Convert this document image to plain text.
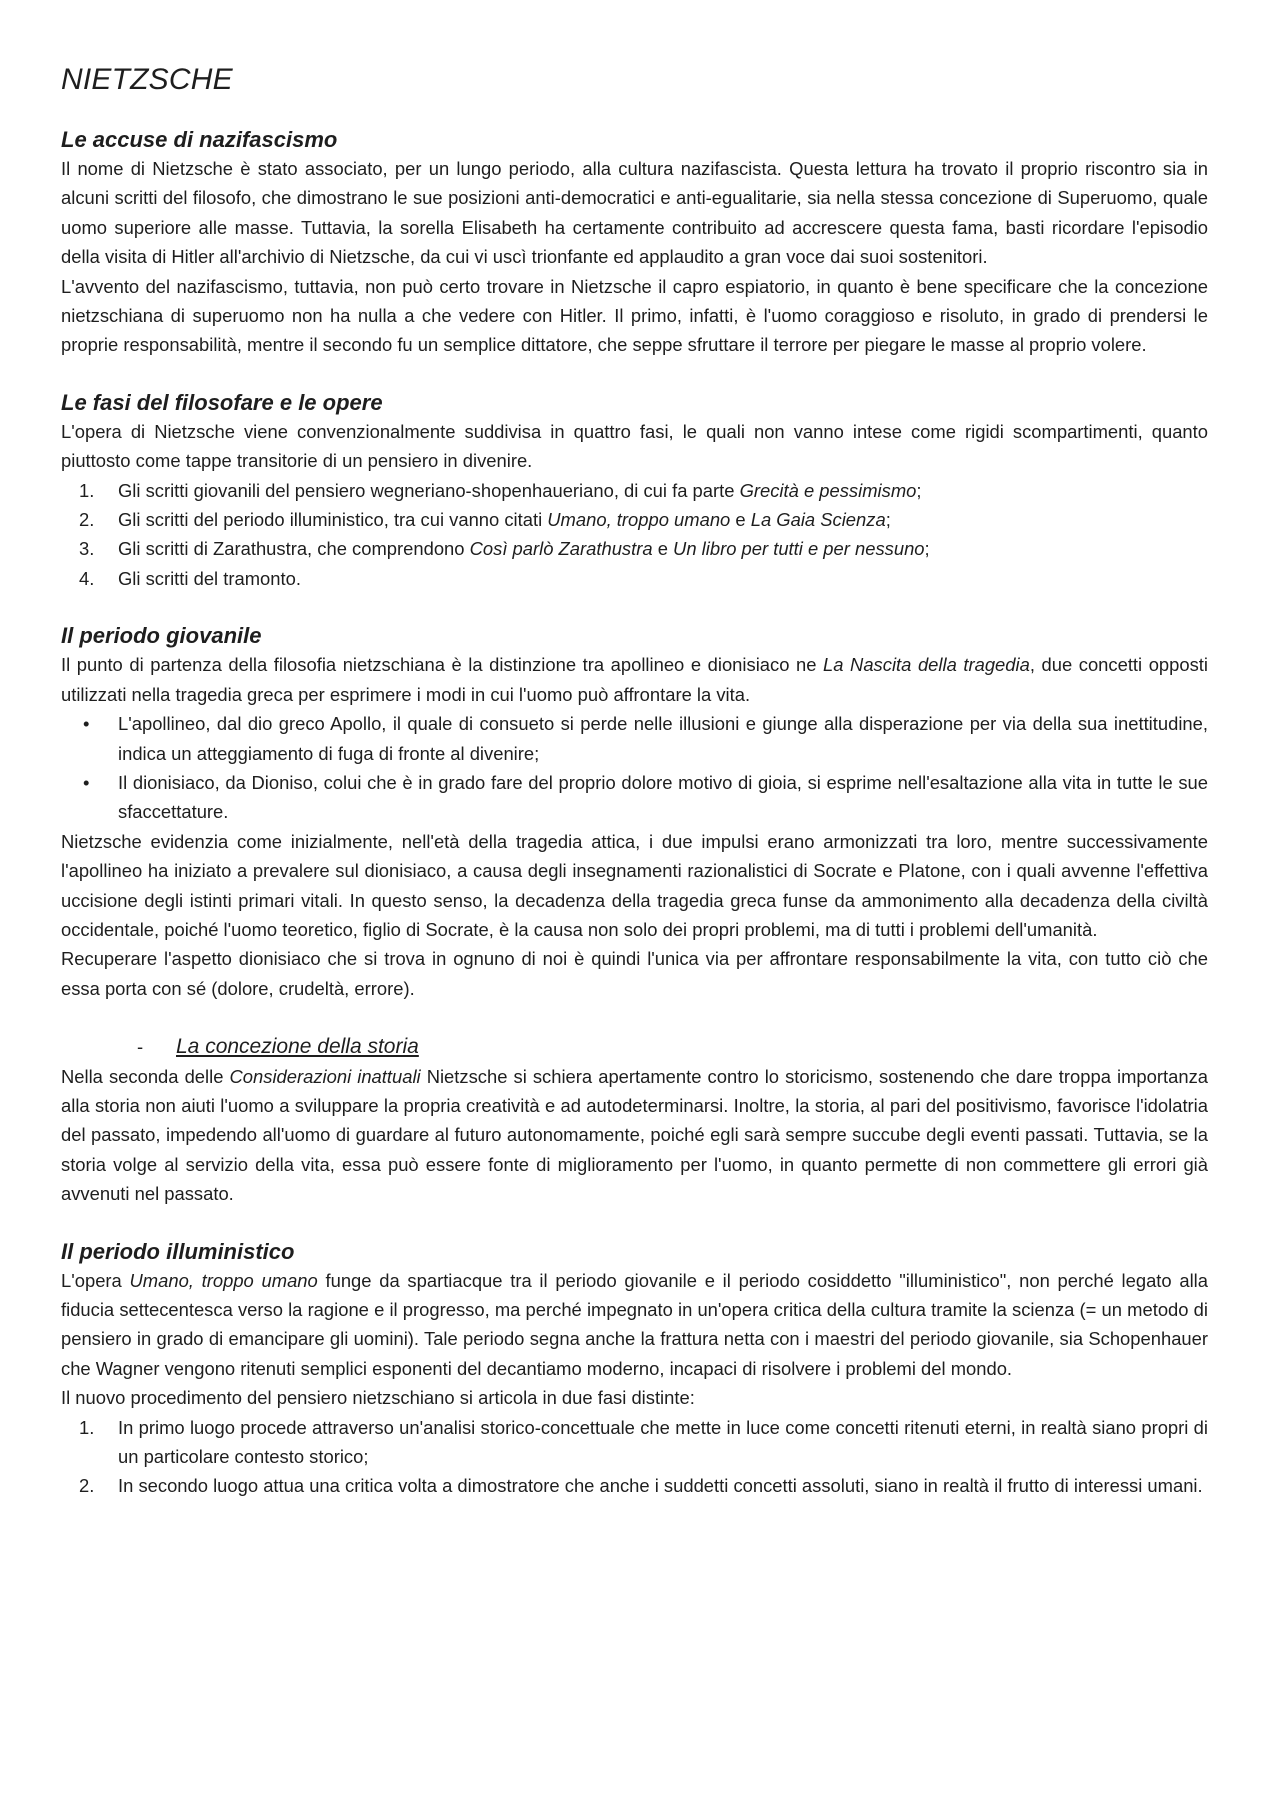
NIETZSCHE
Le accuse di nazifascismo

Il nome di Nietzsche è stato associato, per un lungo periodo, alla cultura nazifascista. Questa lettura ha trovato il proprio riscontro sia in alcuni scritti del filosofo, che dimostrano le sue posizioni anti-democratici e anti-egualitarie, sia nella stessa concezione di Superuomo, quale uomo superiore alle masse. Tuttavia, la sorella Elisabeth ha certamente contribuito ad accrescere questa fama, basti ricordare l'episodio della visita di Hitler all'archivio di Nietzsche, da cui vi uscì trionfante ed applaudito a gran voce dai suoi sostenitori.

L'avvento del nazifascismo, tuttavia, non può certo trovare in Nietzsche il capro espiatorio, in quanto è bene specificare che la concezione nietzschiana di superuomo non ha nulla a che vedere con Hitler. Il primo, infatti, è l'uomo coraggioso e risoluto, in grado di prendersi le proprie responsabilità, mentre il secondo fu un semplice dittatore, che seppe sfruttare il terrore per piegare le masse al proprio volere.

Le fasi del filosofare e le opere

L'opera di Nietzsche viene convenzionalmente suddivisa in quattro fasi, le quali non vanno intese come rigidi scompartimenti, quanto piuttosto come tappe transitorie di un pensiero in divenire.

1. Gli scritti giovanili del pensiero wegneriano-shopenhaueriano, di cui fa parte Grecità e pessimismo;
2. Gli scritti del periodo illuministico, tra cui vanno citati Umano, troppo umano e La Gaia Scienza;
3. Gli scritti di Zarathustra, che comprendono Così parlò Zarathustra e Un libro per tutti e per nessuno;
4. Gli scritti del tramonto.
Il periodo giovanile

Il punto di partenza della filosofia nietzschiana è la distinzione tra apollineo e dionisiaco ne La Nascita della tragedia, due concetti opposti utilizzati nella tragedia greca per esprimere i modi in cui l'uomo può affrontare la vita.

• L'apollineo, dal dio greco Apollo, il quale di consueto si perde nelle illusioni e giunge alla disperazione per via della sua inettitudine, indica un atteggiamento di fuga di fronte al divenire;
• Il dionisiaco, da Dioniso, colui che è in grado fare del proprio dolore motivo di gioia, si esprime nell'esaltazione alla vita in tutte le sue sfaccettature.

Nietzsche evidenzia come inizialmente, nell'età della tragedia attica, i due impulsi erano armonizzati tra loro, mentre successivamente l'apollineo ha iniziato a prevalere sul dionisiaco, a causa degli insegnamenti razionalistici di Socrate e Platone, con i quali avvenne l'effettiva uccisione degli istinti primari vitali. In questo senso, la decadenza della tragedia greca funse da ammonimento alla decadenza della civiltà occidentale, poiché l'uomo teoretico, figlio di Socrate, è la causa non solo dei propri problemi, ma di tutti i problemi dell'umanità.

Recuperare l'aspetto dionisiaco che si trova in ognuno di noi è quindi l'unica via per affrontare responsabilmente la vita, con tutto ciò che essa porta con sé (dolore, crudeltà, errore).

- La concezione della storia

Nella seconda delle Considerazioni inattuali Nietzsche si schiera apertamente contro lo storicismo, sostenendo che dare troppa importanza alla storia non aiuti l'uomo a sviluppare la propria creatività e ad autodeterminarsi. Inoltre, la storia, al pari del positivismo, favorisce l'idolatria del passato, impedendo all'uomo di guardare al futuro autonomamente, poiché egli sarà sempre succube degli eventi passati. Tuttavia, se la storia volge al servizio della vita, essa può essere fonte di miglioramento per l'uomo, in quanto permette di non commettere gli errori già avvenuti nel passato.

Il periodo illuministico

L'opera Umano, troppo umano funge da spartiacque tra il periodo giovanile e il periodo cosiddetto "illuministico", non perché legato alla fiducia settecentesca verso la ragione e il progresso, ma perché impegnato in un'opera critica della cultura tramite la scienza (= un metodo di pensiero in grado di emancipare gli uomini). Tale periodo segna anche la frattura netta con i maestri del periodo giovanile, sia Schopenhauer che Wagner vengono ritenuti semplici esponenti del decantiamo moderno, incapaci di risolvere i problemi del mondo.

Il nuovo procedimento del pensiero nietzschiano si articola in due fasi distinte:

1. In primo luogo procede attraverso un'analisi storico-concettuale che mette in luce come concetti ritenuti eterni, in realtà siano propri di un particolare contesto storico;
2. In secondo luogo attua una critica volta a dimostratore che anche i suddetti concetti assoluti, siano in realtà il frutto di interessi umani.
